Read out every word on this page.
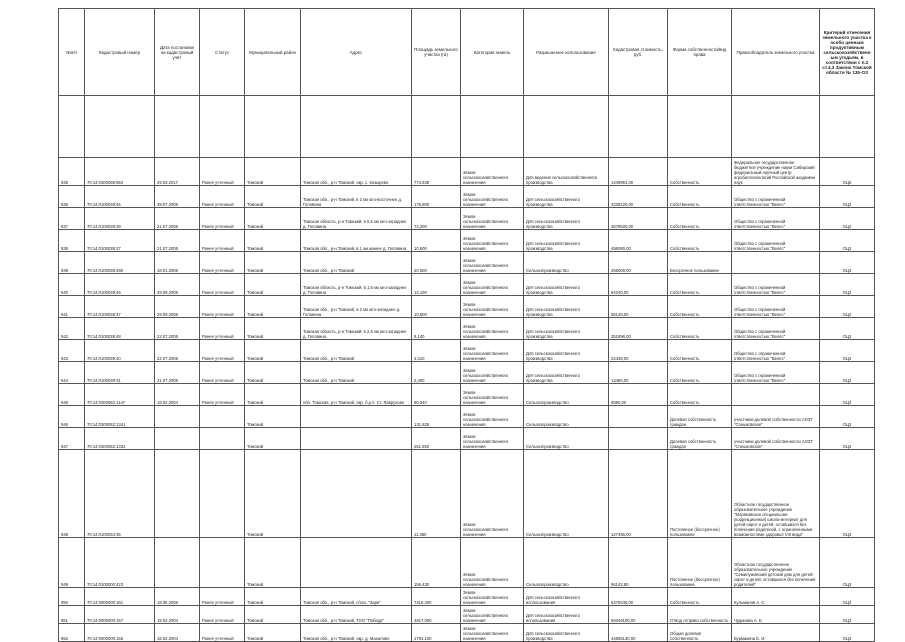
№п/п	Кадастровый номер	Дата постановки на кадастровый учёт	Статус	Муниципальный район	Адрес	Площадь земельного участка (га)	Категория земель	Разрешенное использование	Кадастровая стоимость, руб.	Форма собственности/вид права	Правообладатель земельного участка	Критерий отнесения земельного участка к особо ценным продуктивным сельскохозяйственным угодьям, в соответствии с п.2 ст.4.3 Закона Томской области № 135-ОЗ

935	70:14:0300095:553	29.03.2017	Ранее учтенный	Томский	Томская обл., р-н Томский, окр. с. Козырево	774,639	Земли сельскохозяйственного назначения	Для ведения сельскохозяйственного производства	1449961,00	Собственность	Федеральное государственное бюджетное учреждение науки Сибирский федеральный научный центр агробиотехнологий Российской академии наук	ОЦ6
936	70:14:0100039:45	28.07.2005	Ранее учтенный	Томский	Томская обл., р-н Томский, в 2 км юго-восточнее д. Головина	176,800	Земли сельскохозяйственного назначения	Для сельскохозяйственного производства	3238120,00	Собственность	Общество с ограниченной ответственностью "Велес"	ОЦ2
937	70:14:0100039:49	21.07.2005	Ранее учтенный	Томский	Томская область, р-н Томский, в 0,5 км юго-западнее д. Головина	72,200	Земли сельскохозяйственного назначения	Для сельскохозяйственного производства	3578520,00	Собственность	Общество с ограниченной ответственностью "Велес"	ОЦ2
938	70:14:0100039:37	21.07.2005	Ранее учтенный	Томский	Томская обл., р-н Томский, в 1 км южнее д. Головина	10,600	Земли сельскохозяйственного назначения	Для сельскохозяйственного производства	486080,00	Собственность	Общество с ограниченной ответственностью "Велес"	ОЦ2
939	70:14:0100039:480	18.01.2006	Ранее учтенный	Томский	Томская обл., р-н Томский	20,000	Земли сельскохозяйственного назначения	Сельхозпроизводство	266000,00	Бессрочное пользование		ОЦ3
940	70:14:0100039:46	29.09.2005	Ранее учтенный	Томский	Томская область, р-н Томский, в 1,5 км юго-западнее д. Головина	14,100	Земли сельскохозяйственного назначения	Для сельскохозяйственного производства	84240,00	Собственность	Общество с ограниченной ответственностью "Велес"	ОЦ2
941	70:14:0100039:47	29.09.2005	Ранее учтенный	Томский	Томская обл., р-н Томский, в 2 км юго-западнее д. Головина	10,600	Земли сельскохозяйственного назначения	Для сельскохозяйственного производства	55120,00	Собственность	Общество с ограниченной ответственностью "Велес"	ОЦ2
942	70:14:0100039:48	22.07.2005	Ранее учтенный	Томский	Томская область, р-н Томский, в 2,5 км юго-западнее д. Головина	8,140	Земли сельскохозяйственного назначения	Для сельскохозяйственного производства	351896,00	Собственность	Общество с ограниченной ответственностью "Велес"	ОЦ2
943	70:14:0100039:40	22.07.2005	Ранее учтенный	Томский	Томская обл., р-н Томский	4,310	Земли сельскохозяйственного назначения	Для сельскохозяйственного производства	22438,00	Собственность	Общество с ограниченной ответственностью "Велес"	ОЦ2
944	70:14:0100039:31	21.07.2005	Ранее учтенный	Томский	Томская обл., р-н Томский	2,400	Земли сельскохозяйственного назначения	Для сельскохозяйственного производства	12480,00	Собственность	Общество с ограниченной ответственностью "Велес"	ОЦ2
945	70:14:0300052:1147	18.02.2004	Ранее учтенный	Томский	обл. Томская, р-н Томский, окр. б.р.п. Ст. Лаврухово	60,540	Земли сельскохозяйственного назначения	Сельхозпроизводство	6590,00	Собственность		ОЦ3
946	70:14:0300052:1341			Томский		131,829	Земли сельскохозяйственного назначения	Сельхозпроизводство		Долевая собственность граждан	участники долевой собственности АОЗТ "Спешковское"	ОЦ2
947	70:14:0300052:1332			Томский		251,550	Земли сельскохозяйственного назначения	Сельхозпроизводство		Долевая собственность граждан	участники долевой собственности АОЗТ "Спешковское"	ОЦ2
948	70:14:0100034:36			Томский		11,360	Земли сельскохозяйственного назначения	Сельхозпроизводство	127456,00	Постоянное (бессрочное) пользование	Областное государственное образовательное учреждение "Моряковская специальная (коррекционная) школа-интернат для детей-сирот и детей, оставшихся без попечения родителей, с ограниченными возможностями здоровья VIII вида"	ОЦ3
949	70:14:0100000:423			Томский		156,430	Земли сельскохозяйственного назначения	Сельхозпроизводство	96142,80	Постоянное (бессрочное) пользование	Областное государственное образовательное учреждение "Семилужинский детский дом для детей-сирот и детей, оставшихся без попечения родителей"	ОЦ3
950	70:14:0000000:161	18.05.2006	Ранее учтенный	Томский	Томская обл., р-н Томский, п/хоз. "Заря"	7415,400	Земли сельскохозяйственного назначения	Для сельскохозяйственного использования	6479246,00	Собственность	Кульманов А. С.	ОЦ3
951	70:14:0000000:157	18.02.2004	Ранее учтенный	Томский	Томская обл., р-н Томский, ТОО "Победа"	4817,000	Земли сельскохозяйственного назначения	Для сельскохозяйственного использования	56349100,00	Отвод отправо собственность	Чудинова А. Е.	ОЦ3
952	70:14:0000000:155	18.02.2004	Ранее учтенный	Томский	Томская обл., р-н Томский, окр. д. Махалово	1793,100	Земли сельскохозяйственного назначения	Для сельскохозяйственного производства	44855130,00	Общая долевая собственность	Бурмакина Е. И.	ОЦ3
